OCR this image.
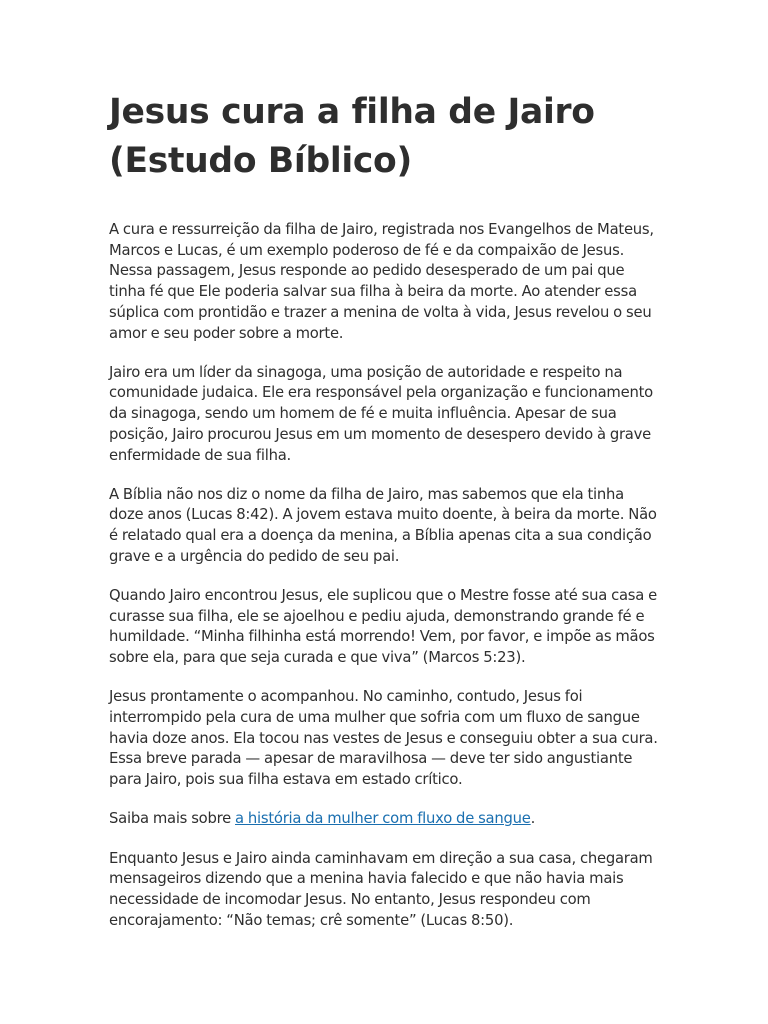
Jesus cura a filha de Jairo (Estudo Bíblico)

A cura e ressurreição da filha de Jairo, registrada nos Evangelhos de Mateus, Marcos e Lucas, é um exemplo poderoso de fé e da compaixão de Jesus. Nessa passagem, Jesus responde ao pedido desesperado de um pai que tinha fé que Ele poderia salvar sua filha à beira da morte. Ao atender essa súplica com prontidão e trazer a menina de volta à vida, Jesus revelou o seu amor e seu poder sobre a morte.

Jairo era um líder da sinagoga, uma posição de autoridade e respeito na comunidade judaica. Ele era responsável pela organização e funcionamento da sinagoga, sendo um homem de fé e muita influência. Apesar de sua posição, Jairo procurou Jesus em um momento de desespero devido à grave enfermidade de sua filha.

A Bíblia não nos diz o nome da filha de Jairo, mas sabemos que ela tinha doze anos (Lucas 8:42). A jovem estava muito doente, à beira da morte. Não é relatado qual era a doença da menina, a Bíblia apenas cita a sua condição grave e a urgência do pedido de seu pai.

Quando Jairo encontrou Jesus, ele suplicou que o Mestre fosse até sua casa e curasse sua filha, ele se ajoelhou e pediu ajuda, demonstrando grande fé e humildade. “Minha filhinha está morrendo! Vem, por favor, e impõe as mãos sobre ela, para que seja curada e que viva” (Marcos 5:23).

Jesus prontamente o acompanhou. No caminho, contudo, Jesus foi interrompido pela cura de uma mulher que sofria com um fluxo de sangue havia doze anos. Ela tocou nas vestes de Jesus e conseguiu obter a sua cura. Essa breve parada — apesar de maravilhosa — deve ter sido angustiante para Jairo, pois sua filha estava em estado crítico.

Saiba mais sobre a história da mulher com fluxo de sangue.

Enquanto Jesus e Jairo ainda caminhavam em direção a sua casa, chegaram mensageiros dizendo que a menina havia falecido e que não havia mais necessidade de incomodar Jesus. No entanto, Jesus respondeu com encorajamento: “Não temas; crê somente” (Lucas 8:50).
